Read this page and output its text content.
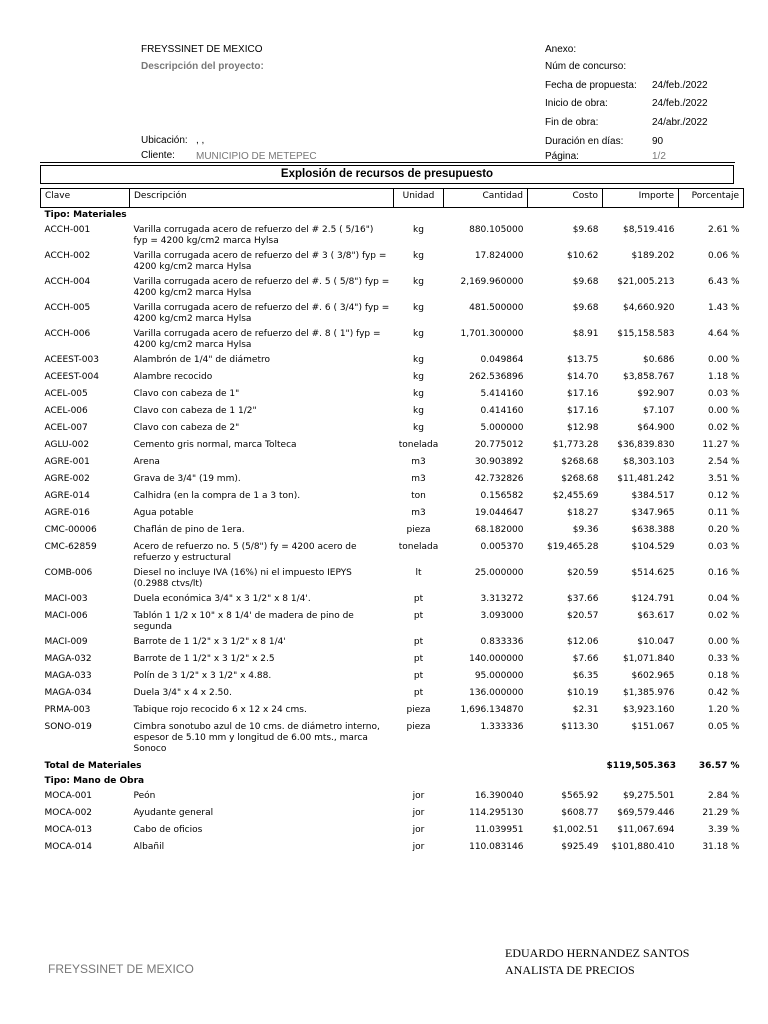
FREYSSINET DE MEXICO
Descripción del proyecto:
Ubicación: , ,
Cliente: MUNICIPIO DE METEPEC
Anexo:
Núm de concurso:
Fecha de propuesta: 24/feb./2022
Inicio de obra:	24/feb./2022
Fin de obra:	24/abr./2022
Duración en días:	90
Página:	1/2
Explosión de recursos de presupuesto
Clave	Descripción	Unidad	Cantidad	Costo	Importe	Porcentaje
Tipo: Materiales						
ACCH-001	Varilla corrugada acero de refuerzo del # 2.5 ( 5/16") fyp = 4200 kg/cm2 marca Hylsa	kg	880.105000	$9.68	$8,519.416	2.61 %
ACCH-002	Varilla corrugada acero de refuerzo del # 3 ( 3/8") fyp = 4200 kg/cm2 marca Hylsa	kg	17.824000	$10.62	$189.202	0.06 %
ACCH-004	Varilla corrugada acero de refuerzo del #. 5 ( 5/8") fyp = 4200 kg/cm2 marca Hylsa	kg	2,169.960000	$9.68	$21,005.213	6.43 %
ACCH-005	Varilla corrugada acero de refuerzo del #. 6 ( 3/4") fyp = 4200 kg/cm2 marca Hylsa	kg	481.500000	$9.68	$4,660.920	1.43 %
ACCH-006	Varilla corrugada acero de refuerzo del #. 8 ( 1") fyp = 4200 kg/cm2 marca Hylsa	kg	1,701.300000	$8.91	$15,158.583	4.64 %
ACEEST-003	Alambrón de 1/4" de diámetro	kg	0.049864	$13.75	$0.686	0.00 %
ACEEST-004	Alambre recocido	kg	262.536896	$14.70	$3,858.767	1.18 %
ACEL-005	Clavo con cabeza de 1"	kg	5.414160	$17.16	$92.907	0.03 %
ACEL-006	Clavo con cabeza de 1 1/2"	kg	0.414160	$17.16	$7.107	0.00 %
ACEL-007	Clavo con cabeza de 2"	kg	5.000000	$12.98	$64.900	0.02 %
AGLU-002	Cemento gris normal, marca Tolteca	tonelada	20.775012	$1,773.28	$36,839.830	11.27 %
AGRE-001	Arena	m3	30.903892	$268.68	$8,303.103	2.54 %
AGRE-002	Grava de 3/4" (19 mm).	m3	42.732826	$268.68	$11,481.242	3.51 %
AGRE-014	Calhidra (en la compra de 1 a 3 ton).	ton	0.156582	$2,455.69	$384.517	0.12 %
AGRE-016	Agua potable	m3	19.044647	$18.27	$347.965	0.11 %
CMC-00006	Chaflán de pino de 1era.	pieza	68.182000	$9.36	$638.388	0.20 %
CMC-62859	Acero de refuerzo no. 5 (5/8") fy = 4200 acero de refuerzo y estructural	tonelada	0.005370	$19,465.28	$104.529	0.03 %
COMB-006	Diesel no incluye IVA (16%) ni el impuesto IEPYS (0.2988 ctvs/lt)	lt	25.000000	$20.59	$514.625	0.16 %
MACI-003	Duela económica 3/4" x 3 1/2" x 8 1/4'.	pt	3.313272	$37.66	$124.791	0.04 %
MACI-006	Tablón 1 1/2 x 10" x 8 1/4' de madera de pino de segunda	pt	3.093000	$20.57	$63.617	0.02 %
MACI-009	Barrote de 1 1/2" x 3 1/2" x 8 1/4'	pt	0.833336	$12.06	$10.047	0.00 %
MAGA-032	Barrote de 1 1/2" x 3 1/2" x 2.5	pt	140.000000	$7.66	$1,071.840	0.33 %
MAGA-033	Polín de 3 1/2" x 3 1/2" x 4.88.	pt	95.000000	$6.35	$602.965	0.18 %
MAGA-034	Duela 3/4" x 4 x 2.50.	pt	136.000000	$10.19	$1,385.976	0.42 %
PRMA-003	Tabique rojo recocido 6 x 12 x 24 cms.	pieza	1,696.134870	$2.31	$3,923.160	1.20 %
SONO-019	Cimbra sonotubo azul de 10 cms. de diámetro interno, espesor de 5.10 mm y longitud de 6.00 mts., marca Sonoco	pieza	1.333336	$113.30	$151.067	0.05 %

Total de Materiales					$119,505.363	36.57 %
Tipo: Mano de Obra						
MOCA-001	Peón	jor	16.390040	$565.92	$9,275.501	2.84 %
MOCA-002	Ayudante general	jor	114.295130	$608.77	$69,579.446	21.29 %
MOCA-013	Cabo de oficios	jor	11.039951	$1,002.51	$11,067.694	3.39 %
MOCA-014	Albañil	jor	110.083146	$925.49	$101,880.410	31.18 %
FREYSSINET DE MEXICO
EDUARDO HERNANDEZ SANTOS
ANALISTA DE PRECIOS
